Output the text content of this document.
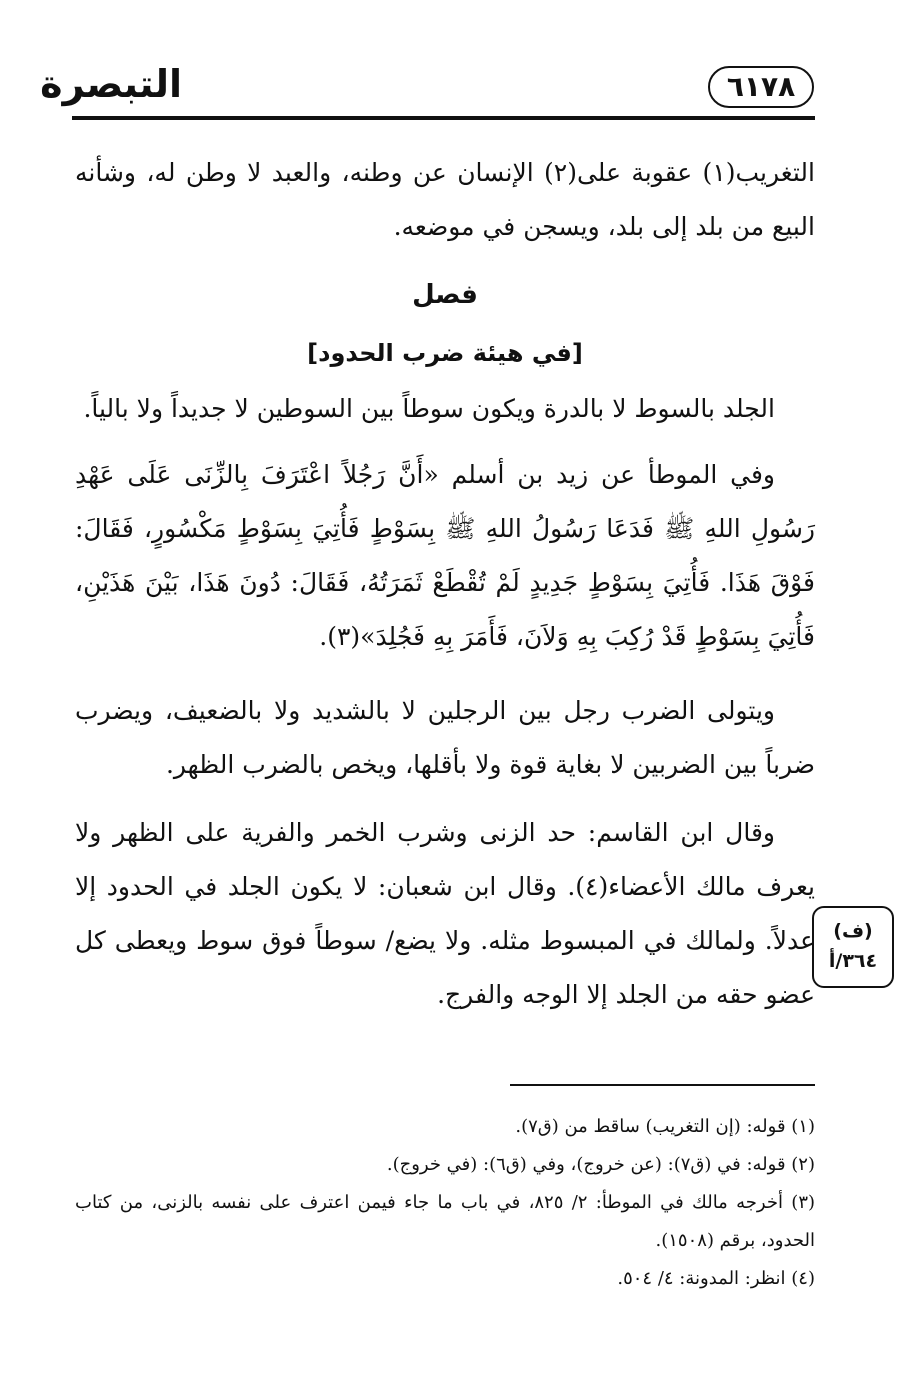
التبصرة	٦١٧٨

التغريب(١) عقوبة على(٢) الإنسان عن وطنه، والعبد لا وطن له، وشأنه البيع من بلد إلى بلد، ويسجن في موضعه.

فصل
[في هيئة ضرب الحدود]

الجلد بالسوط لا بالدرة ويكون سوطاً بين السوطين لا جديداً ولا بالياً.

وفي الموطأ عن زيد بن أسلم «أَنَّ رَجُلاً اعْتَرَفَ بِالزِّنَى عَلَى عَهْدِ رَسُولِ اللهِ ﷺ فَدَعَا رَسُولُ اللهِ ﷺ بِسَوْطٍ فَأُتِيَ بِسَوْطٍ مَكْسُورٍ، فَقَالَ: فَوْقَ هَذَا. فَأُتِيَ بِسَوْطٍ جَدِيدٍ لَمْ تُقْطَعْ ثَمَرَتُهُ، فَقَالَ: دُونَ هَذَا، بَيْنَ هَذَيْنِ، فَأُتِيَ بِسَوْطٍ قَدْ رُكِبَ بِهِ وَلاَنَ، فَأَمَرَ بِهِ فَجُلِدَ»(٣).

ويتولى الضرب رجل بين الرجلين لا بالشديد ولا بالضعيف، ويضرب ضرباً بين الضربين لا بغاية قوة ولا بأقلها، ويخص بالضرب الظهر.

وقال ابن القاسم: حد الزنى وشرب الخمر والفرية على الظهر ولا يعرف مالك الأعضاء(٤). وقال ابن شعبان: لا يكون الجلد في الحدود إلا عدلاً. ولمالك في المبسوط مثله. ولا يضع/ سوطاً فوق سوط ويعطى كل عضو حقه من الجلد إلا الوجه والفرج.

(ف)
٣٦٤/أ

(١) قوله: (إن التغريب) ساقط من (ق٧).

(٢) قوله: في (ق٧): (عن خروج)، وفي (ق٦): (في خروج).

(٣) أخرجه مالك في الموطأ: ٢/ ٨٢٥، في باب ما جاء فيمن اعترف على نفسه بالزنى، من كتاب الحدود، برقم (١٥٠٨).

(٤) انظر: المدونة: ٤/ ٥٠٤.
